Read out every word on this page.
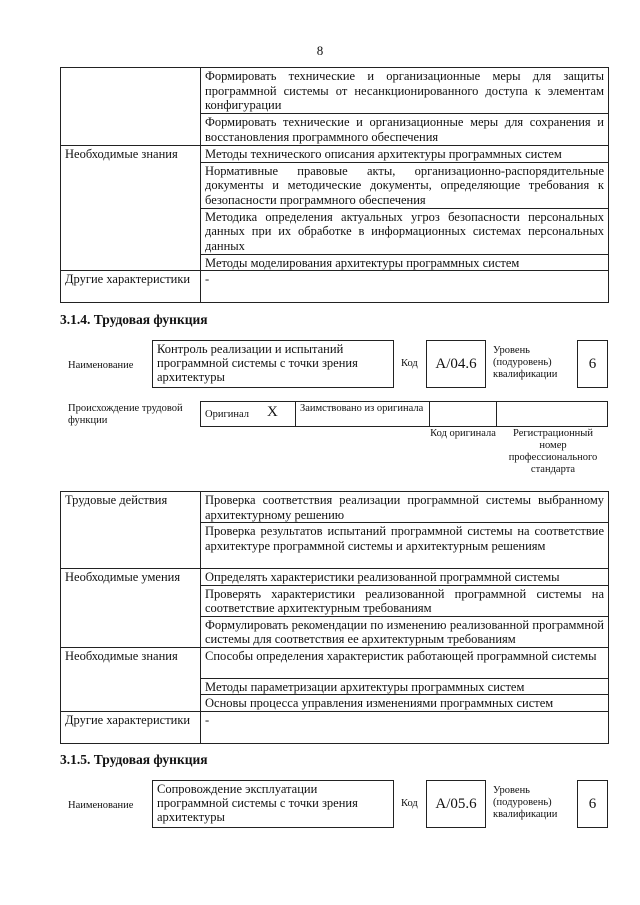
8
	Формировать технические и организационные меры для защиты программной системы от несанкционированного доступа к элементам конфигурации
	Формировать технические и организационные меры для сохранения и восстановления программного обеспечения
Необходимые знания	Методы технического описания архитектуры программных систем
	Нормативные правовые акты, организационно-распорядительные документы и методические документы, определяющие требования к безопасности программного обеспечения
	Методика определения актуальных угроз безопасности персональных данных при их обработке в информационных системах персональных данных
	Методы моделирования архитектуры программных систем
Другие характеристики	-
3.1.4. Трудовая функция
Наименование
Контроль реализации и испытаний программной системы с точки зрения архитектуры
Код	A/04.6
Уровень (подуровень) квалификации
6
Происхождение трудовой функции
Оригинал X	Заимствовано из оригинала
Код оригинала	Регистрационный номер профессионального стандарта
Трудовые действия	Проверка соответствия реализации программной системы выбранному архитектурному решению
	Проверка результатов испытаний программной системы на соответствие архитектуре программной системы и архитектурным решениям
Необходимые умения	Определять характеристики реализованной программной системы
	Проверять характеристики реализованной программной системы на соответствие архитектурным требованиям
	Формулировать рекомендации по изменению реализованной программной системы для соответствия ее архитектурным требованиям
Необходимые знания	Способы определения характеристик работающей программной системы
	Методы параметризации архитектуры программных систем
	Основы процесса управления изменениями программных систем
Другие характеристики	-
3.1.5. Трудовая функция
Наименование
Сопровождение эксплуатации программной системы с точки зрения архитектуры
Код	A/05.6
Уровень (подуровень) квалификации
6
